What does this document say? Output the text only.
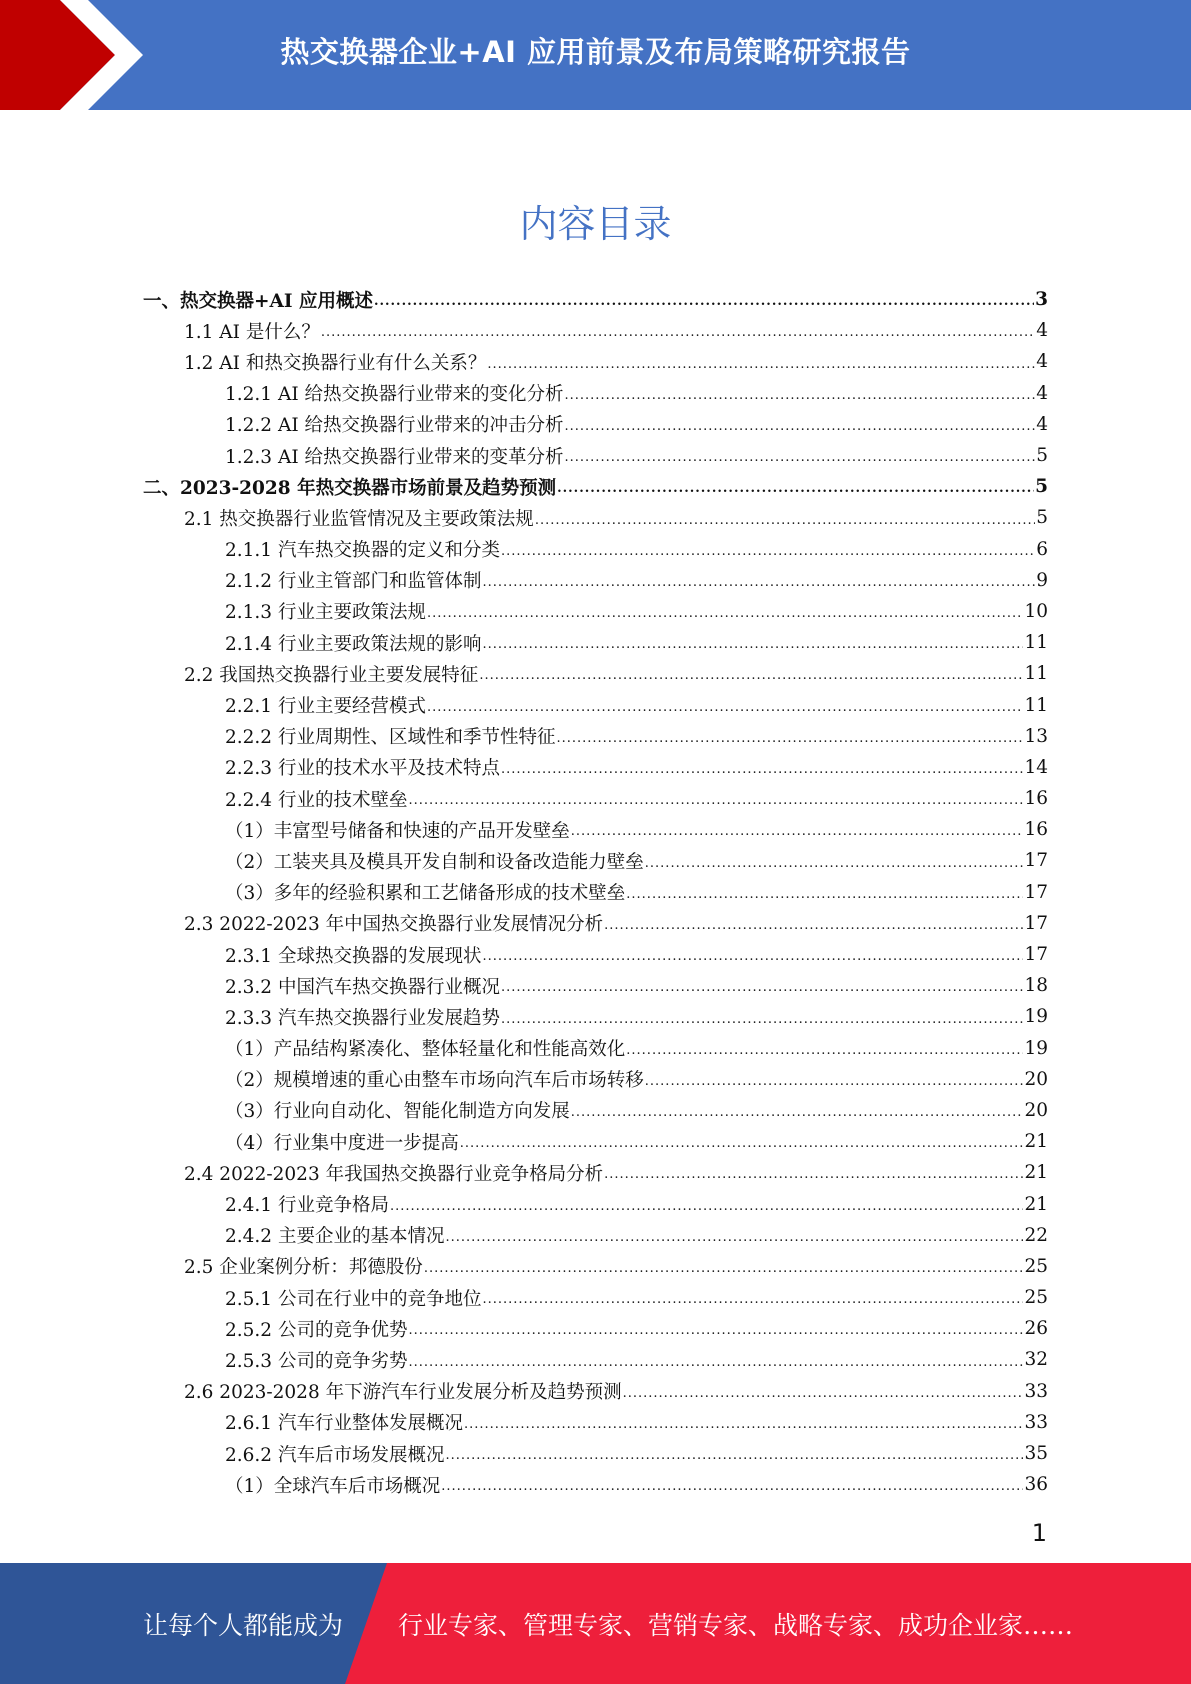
热交换器企业+AI 应用前景及布局策略研究报告
内容目录
一、热交换器+AI 应用概述 .....	3
1.1 AI 是什么？ .....	4
1.2 AI 和热交换器行业有什么关系？ .....	4
1.2.1 AI 给热交换器行业带来的变化分析 .....	4
1.2.2 AI 给热交换器行业带来的冲击分析 .....	4
1.2.3 AI 给热交换器行业带来的变革分析 .....	5
二、2023-2028 年热交换器市场前景及趋势预测 .....	5
2.1 热交换器行业监管情况及主要政策法规 .....	5
2.1.1 汽车热交换器的定义和分类 .....	6
2.1.2 行业主管部门和监管体制 .....	9
2.1.3 行业主要政策法规 .....	10
2.1.4 行业主要政策法规的影响 .....	11
2.2 我国热交换器行业主要发展特征 .....	11
2.2.1 行业主要经营模式 .....	11
2.2.2 行业周期性、区域性和季节性特征 .....	13
2.2.3 行业的技术水平及技术特点 .....	14
2.2.4 行业的技术壁垒 .....	16
（1）丰富型号储备和快速的产品开发壁垒 .....	16
（2）工装夹具及模具开发自制和设备改造能力壁垒 .....	17
（3）多年的经验积累和工艺储备形成的技术壁垒 .....	17
2.3 2022-2023 年中国热交换器行业发展情况分析 .....	17
2.3.1 全球热交换器的发展现状 .....	17
2.3.2 中国汽车热交换器行业概况 .....	18
2.3.3 汽车热交换器行业发展趋势 .....	19
（1）产品结构紧凑化、整体轻量化和性能高效化 .....	19
（2）规模增速的重心由整车市场向汽车后市场转移 .....	20
（3）行业向自动化、智能化制造方向发展 .....	20
（4）行业集中度进一步提高 .....	21
2.4 2022-2023 年我国热交换器行业竞争格局分析 .....	21
2.4.1 行业竞争格局 .....	21
2.4.2 主要企业的基本情况 .....	22
2.5 企业案例分析：邦德股份 .....	25
2.5.1 公司在行业中的竞争地位 .....	25
2.5.2 公司的竞争优势 .....	26
2.5.3 公司的竞争劣势 .....	32
2.6 2023-2028 年下游汽车行业发展分析及趋势预测 .....	33
2.6.1 汽车行业整体发展概况 .....	33
2.6.2 汽车后市场发展概况 .....	35
（1）全球汽车后市场概况 .....	36
1
让每个人都能成为 行业专家、管理专家、营销专家、战略专家、成功企业家……
